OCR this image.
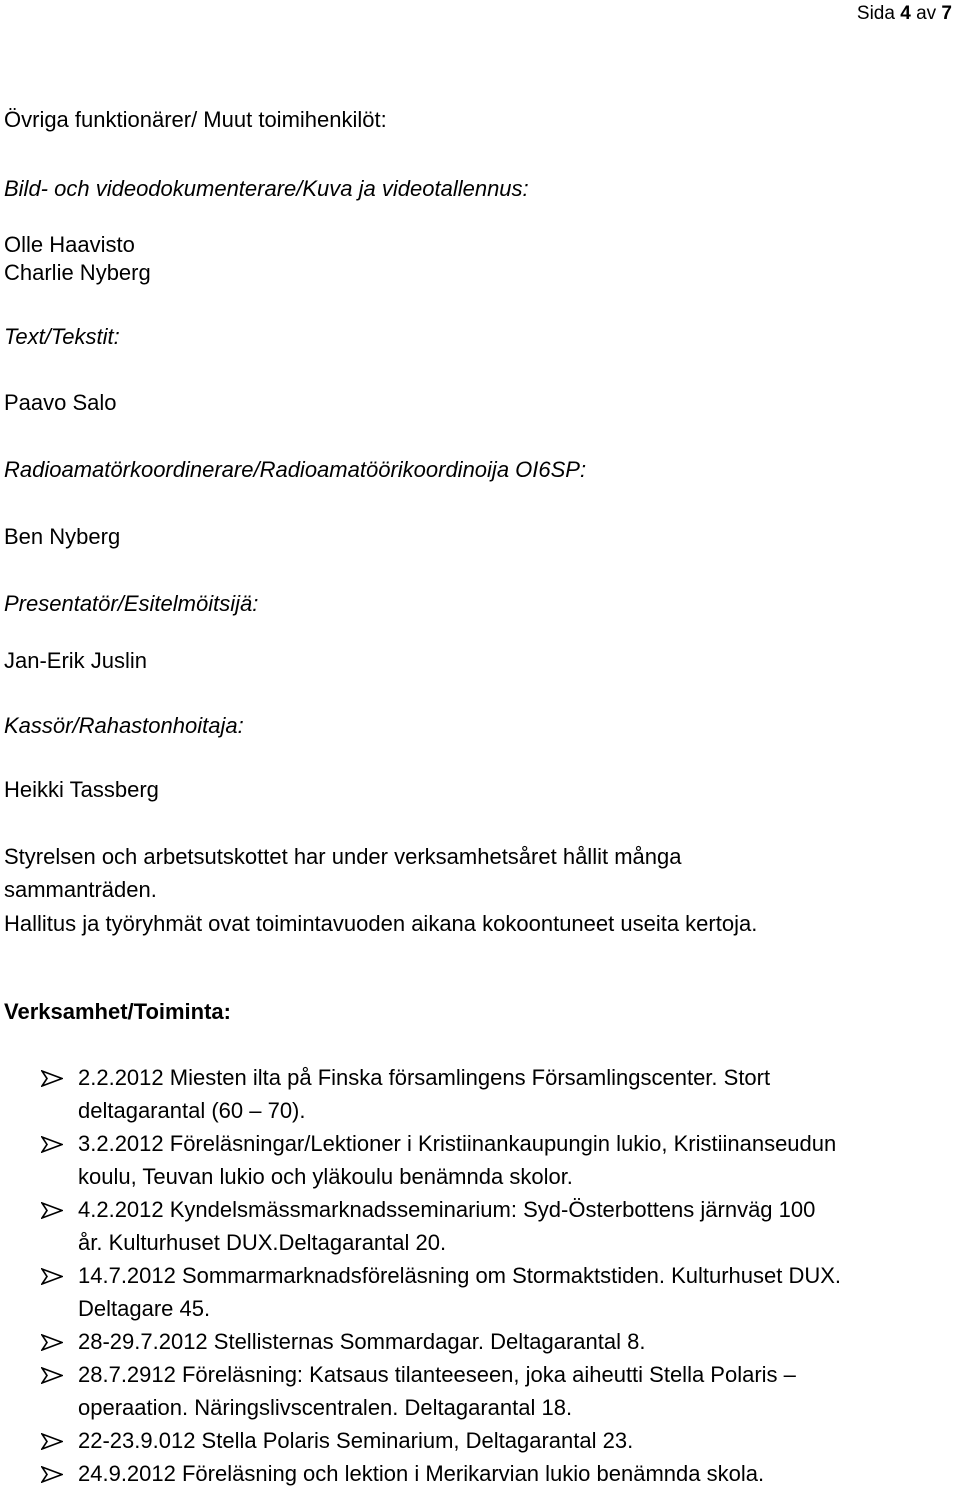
Sida 4 av 7
Övriga funktionärer/ Muut toimihenkilöt:
Bild- och videodokumenterare/Kuva ja videotallennus:
Olle Haavisto
Charlie Nyberg
Text/Tekstit:
Paavo Salo
Radioamatörkoordinerare/Radioamatöörikoordinoija OI6SP:
Ben Nyberg
Presentatör/Esitelmöitsijä:
Jan-Erik Juslin
Kassör/Rahastonhoitaja:
Heikki Tassberg
Styrelsen och arbetsutskottet har under verksamhetsåret hållit många
sammanträden.
Hallitus ja työryhmät ovat toimintavuoden aikana kokoontuneet useita kertoja.
Verksamhet/Toiminta:
2.2.2012 Miesten ilta på Finska församlingens Församlingscenter. Stort
deltagarantal (60 – 70).
3.2.2012 Föreläsningar/Lektioner i Kristiinankaupungin lukio, Kristiinanseudun
koulu, Teuvan lukio och yläkoulu benämnda skolor.
4.2.2012 Kyndelsmässmarknadsseminarium: Syd-Österbottens järnväg 100
år. Kulturhuset DUX.Deltagarantal 20.
14.7.2012 Sommarmarknadsföreläsning om Stormaktstiden. Kulturhuset DUX.
Deltagare 45.
28-29.7.2012 Stellisternas Sommardagar. Deltagarantal 8.
28.7.2912 Föreläsning: Katsaus tilanteeseen, joka aiheutti Stella Polaris –
operaation. Näringslivscentralen. Deltagarantal 18.
22-23.9.012 Stella Polaris Seminarium, Deltagarantal 23.
24.9.2012 Föreläsning och lektion i Merikarvian lukio benämnda skola.
